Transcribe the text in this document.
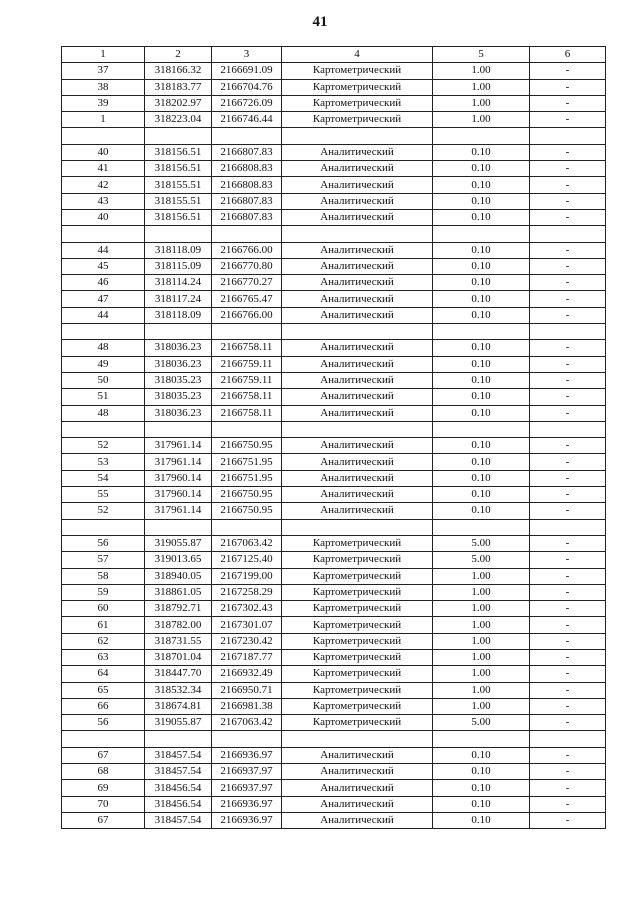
41
1	2	3	4	5	6
37	318166.32	2166691.09	Картометрический	1.00	-
38	318183.77	2166704.76	Картометрический	1.00	-
39	318202.97	2166726.09	Картометрический	1.00	-
1	318223.04	2166746.44	Картометрический	1.00	-

40	318156.51	2166807.83	Аналитический	0.10	-
41	318156.51	2166808.83	Аналитический	0.10	-
42	318155.51	2166808.83	Аналитический	0.10	-
43	318155.51	2166807.83	Аналитический	0.10	-
40	318156.51	2166807.83	Аналитический	0.10	-

44	318118.09	2166766.00	Аналитический	0.10	-
45	318115.09	2166770.80	Аналитический	0.10	-
46	318114.24	2166770.27	Аналитический	0.10	-
47	318117.24	2166765.47	Аналитический	0.10	-
44	318118.09	2166766.00	Аналитический	0.10	-

48	318036.23	2166758.11	Аналитический	0.10	-
49	318036.23	2166759.11	Аналитический	0.10	-
50	318035.23	2166759.11	Аналитический	0.10	-
51	318035.23	2166758.11	Аналитический	0.10	-
48	318036.23	2166758.11	Аналитический	0.10	-

52	317961.14	2166750.95	Аналитический	0.10	-
53	317961.14	2166751.95	Аналитический	0.10	-
54	317960.14	2166751.95	Аналитический	0.10	-
55	317960.14	2166750.95	Аналитический	0.10	-
52	317961.14	2166750.95	Аналитический	0.10	-

56	319055.87	2167063.42	Картометрический	5.00	-
57	319013.65	2167125.40	Картометрический	5.00	-
58	318940.05	2167199.00	Картометрический	1.00	-
59	318861.05	2167258.29	Картометрический	1.00	-
60	318792.71	2167302.43	Картометрический	1.00	-
61	318782.00	2167301.07	Картометрический	1.00	-
62	318731.55	2167230.42	Картометрический	1.00	-
63	318701.04	2167187.77	Картометрический	1.00	-
64	318447.70	2166932.49	Картометрический	1.00	-
65	318532.34	2166950.71	Картометрический	1.00	-
66	318674.81	2166981.38	Картометрический	1.00	-
56	319055.87	2167063.42	Картометрический	5.00	-

67	318457.54	2166936.97	Аналитический	0.10	-
68	318457.54	2166937.97	Аналитический	0.10	-
69	318456.54	2166937.97	Аналитический	0.10	-
70	318456.54	2166936.97	Аналитический	0.10	-
67	318457.54	2166936.97	Аналитический	0.10	-
